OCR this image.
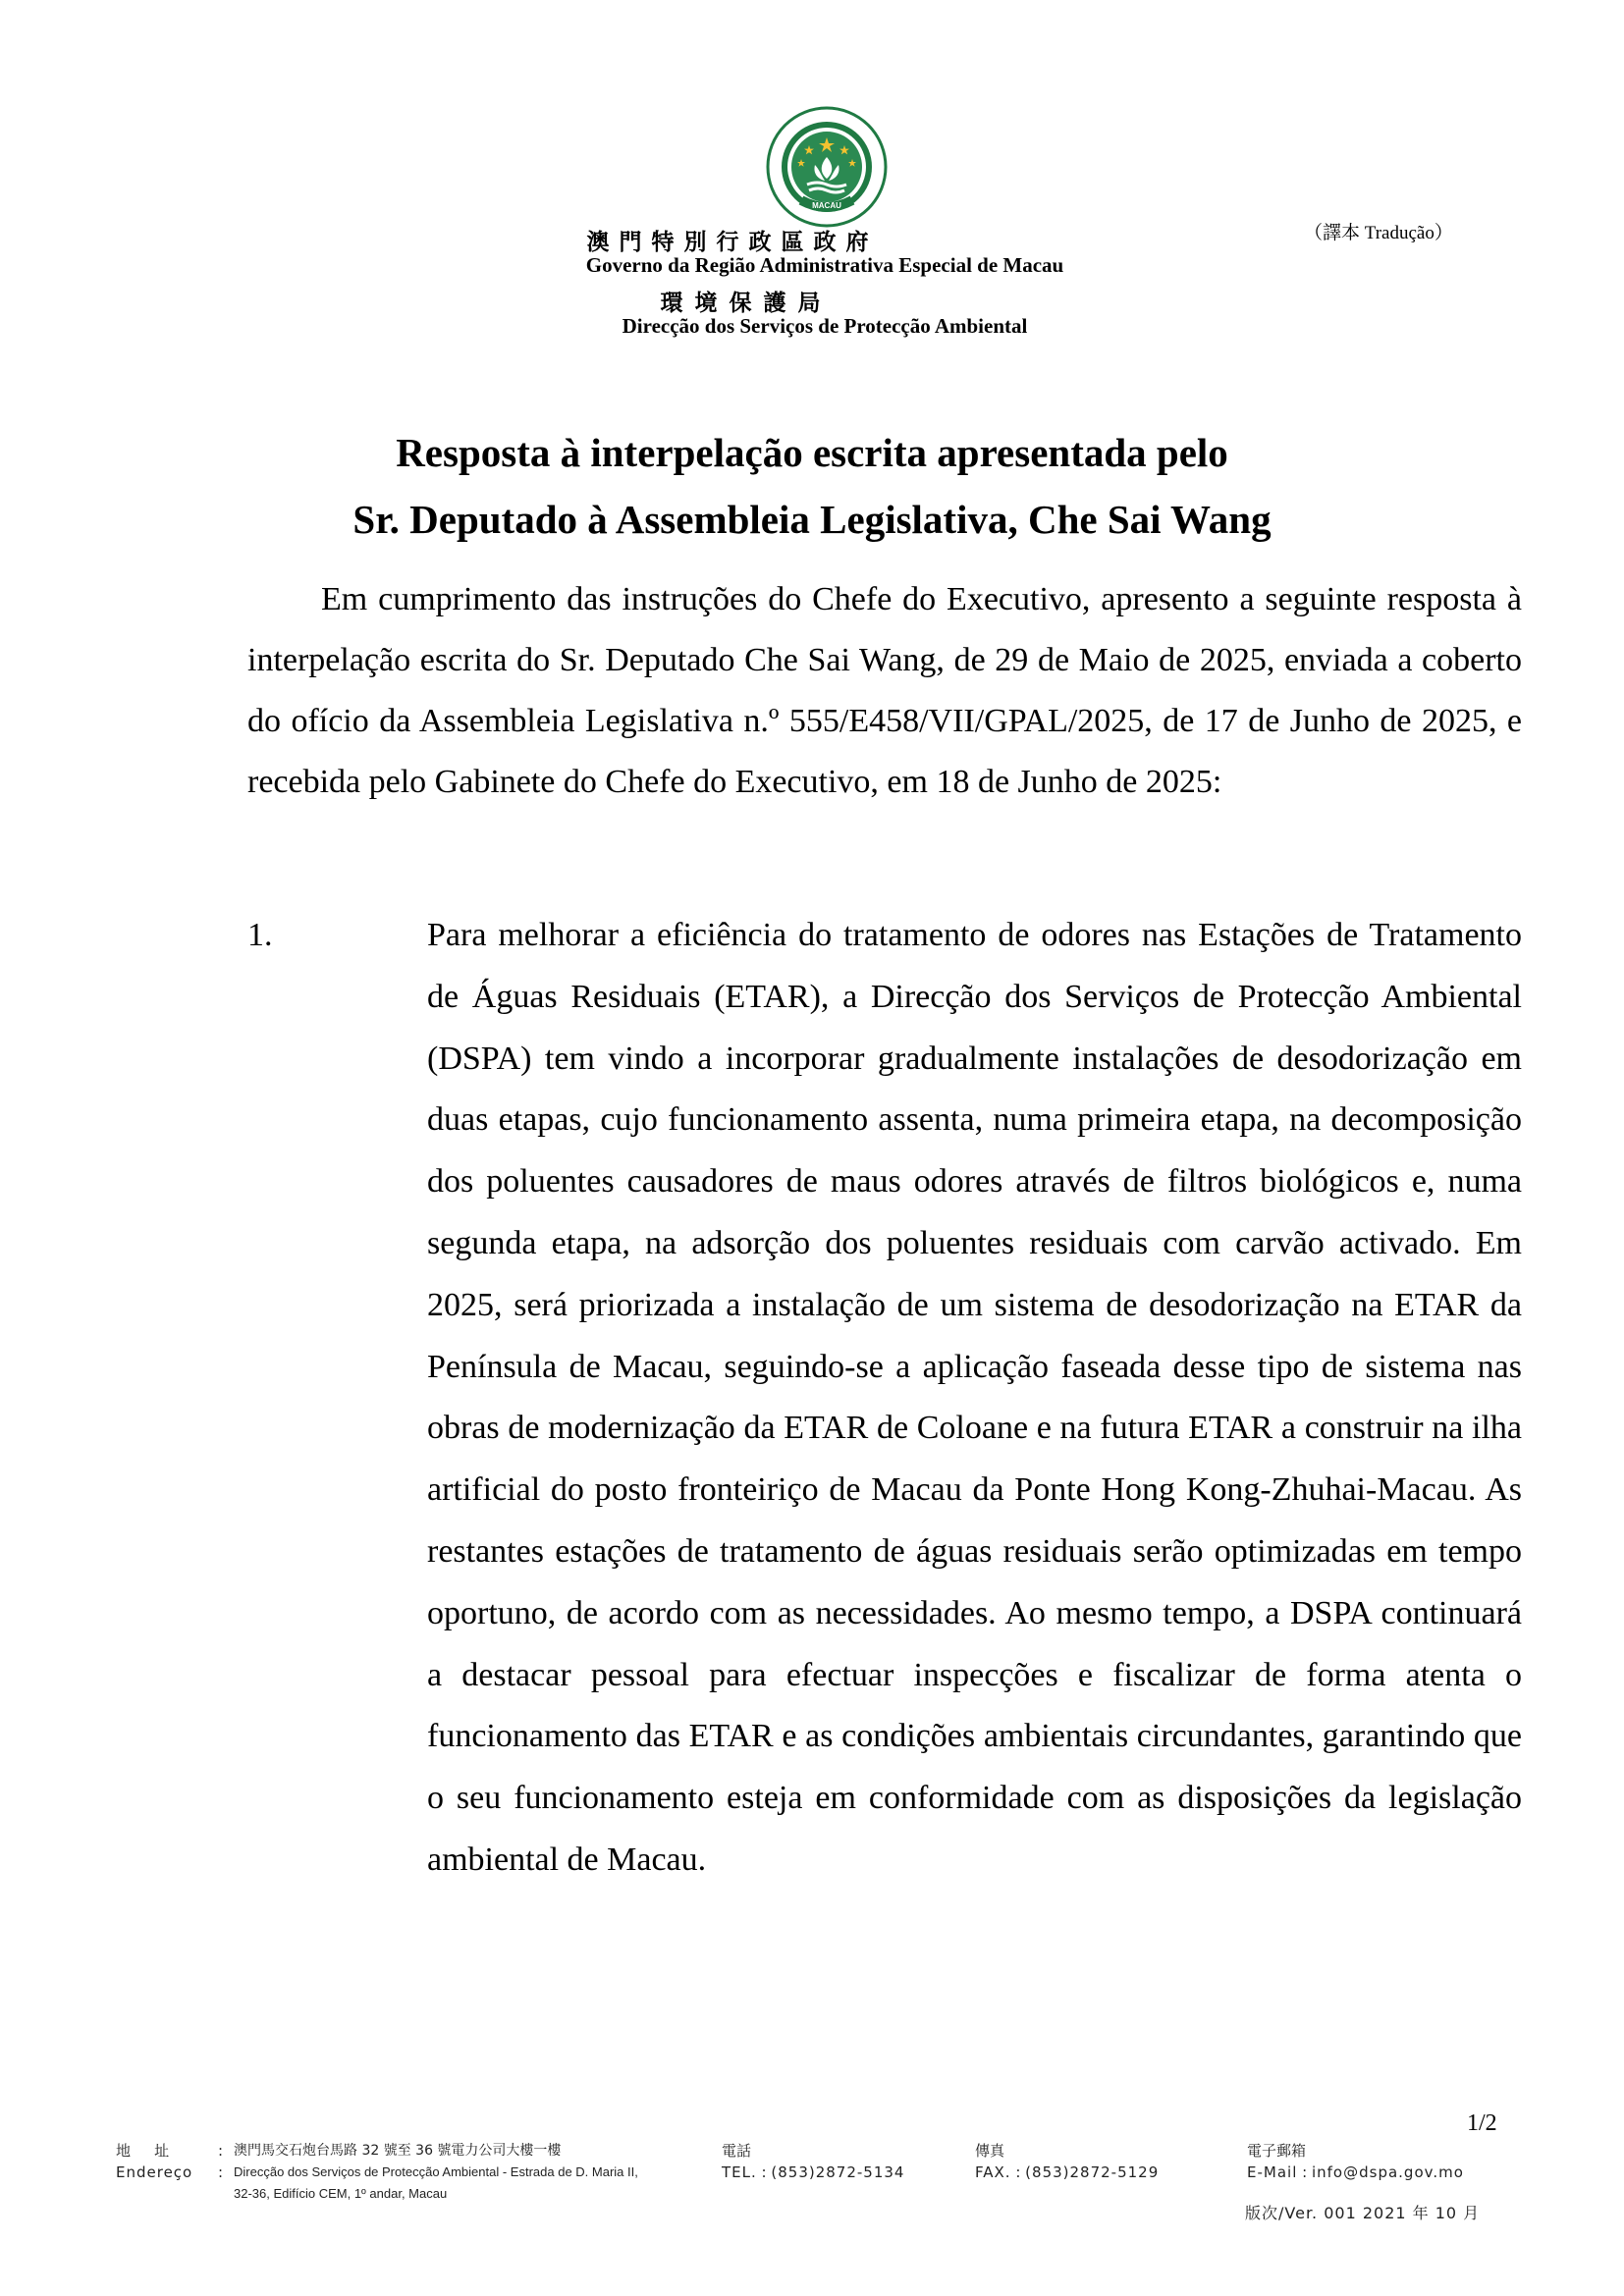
MACAU
澳門特別行政區政府
Governo da Região Administrativa Especial de Macau
環境保護局
Direcção dos Serviços de Protecção Ambiental
（譯本 Tradução）
Resposta à interpelação escrita apresentada pelo
Sr. Deputado à Assembleia Legislativa, Che Sai Wang

Em cumprimento das instruções do Chefe do Executivo, apresento a seguinte resposta à interpelação escrita do Sr. Deputado Che Sai Wang, de 29 de Maio de 2025, enviada a coberto do ofício da Assembleia Legislativa n.º 555/E458/VII/GPAL/2025, de 17 de Junho de 2025, e recebida pelo Gabinete do Chefe do Executivo, em 18 de Junho de 2025:

1.	Para melhorar a eficiência do tratamento de odores nas Estações de Tratamento de Águas Residuais (ETAR), a Direcção dos Serviços de Protecção Ambiental (DSPA) tem vindo a incorporar gradualmente instalações de desodorização em duas etapas, cujo funcionamento assenta, numa primeira etapa, na decomposição dos poluentes causadores de maus odores através de filtros biológicos e, numa segunda etapa, na adsorção dos poluentes residuais com carvão activado. Em 2025, será priorizada a instalação de um sistema de desodorização na ETAR da Península de Macau, seguindo-se a aplicação faseada desse tipo de sistema nas obras de modernização da ETAR de Coloane e na futura ETAR a construir na ilha artificial do posto fronteiriço de Macau da Ponte Hong Kong-Zhuhai-Macau. As restantes estações de tratamento de águas residuais serão optimizadas em tempo oportuno, de acordo com as necessidades. Ao mesmo tempo, a DSPA continuará a destacar pessoal para efectuar inspecções e fiscalizar de forma atenta o funcionamento das ETAR e as condições ambientais circundantes, garantindo que o seu funcionamento esteja em conformidade com as disposições da legislação ambiental de Macau.

1/2
地    址
Endereço
:
:
澳門馬交石炮台馬路 32 號至 36 號電力公司大樓一樓
Direcção dos Serviços de Protecção Ambiental - Estrada de D. Maria II,
32-36, Edifício CEM, 1º andar, Macau
電話
TEL. : (853)2872-5134
傳真
FAX. : (853)2872-5129
電子郵箱
E-Mail : info@dspa.gov.mo
版次/Ver. 001 2021 年 10 月
